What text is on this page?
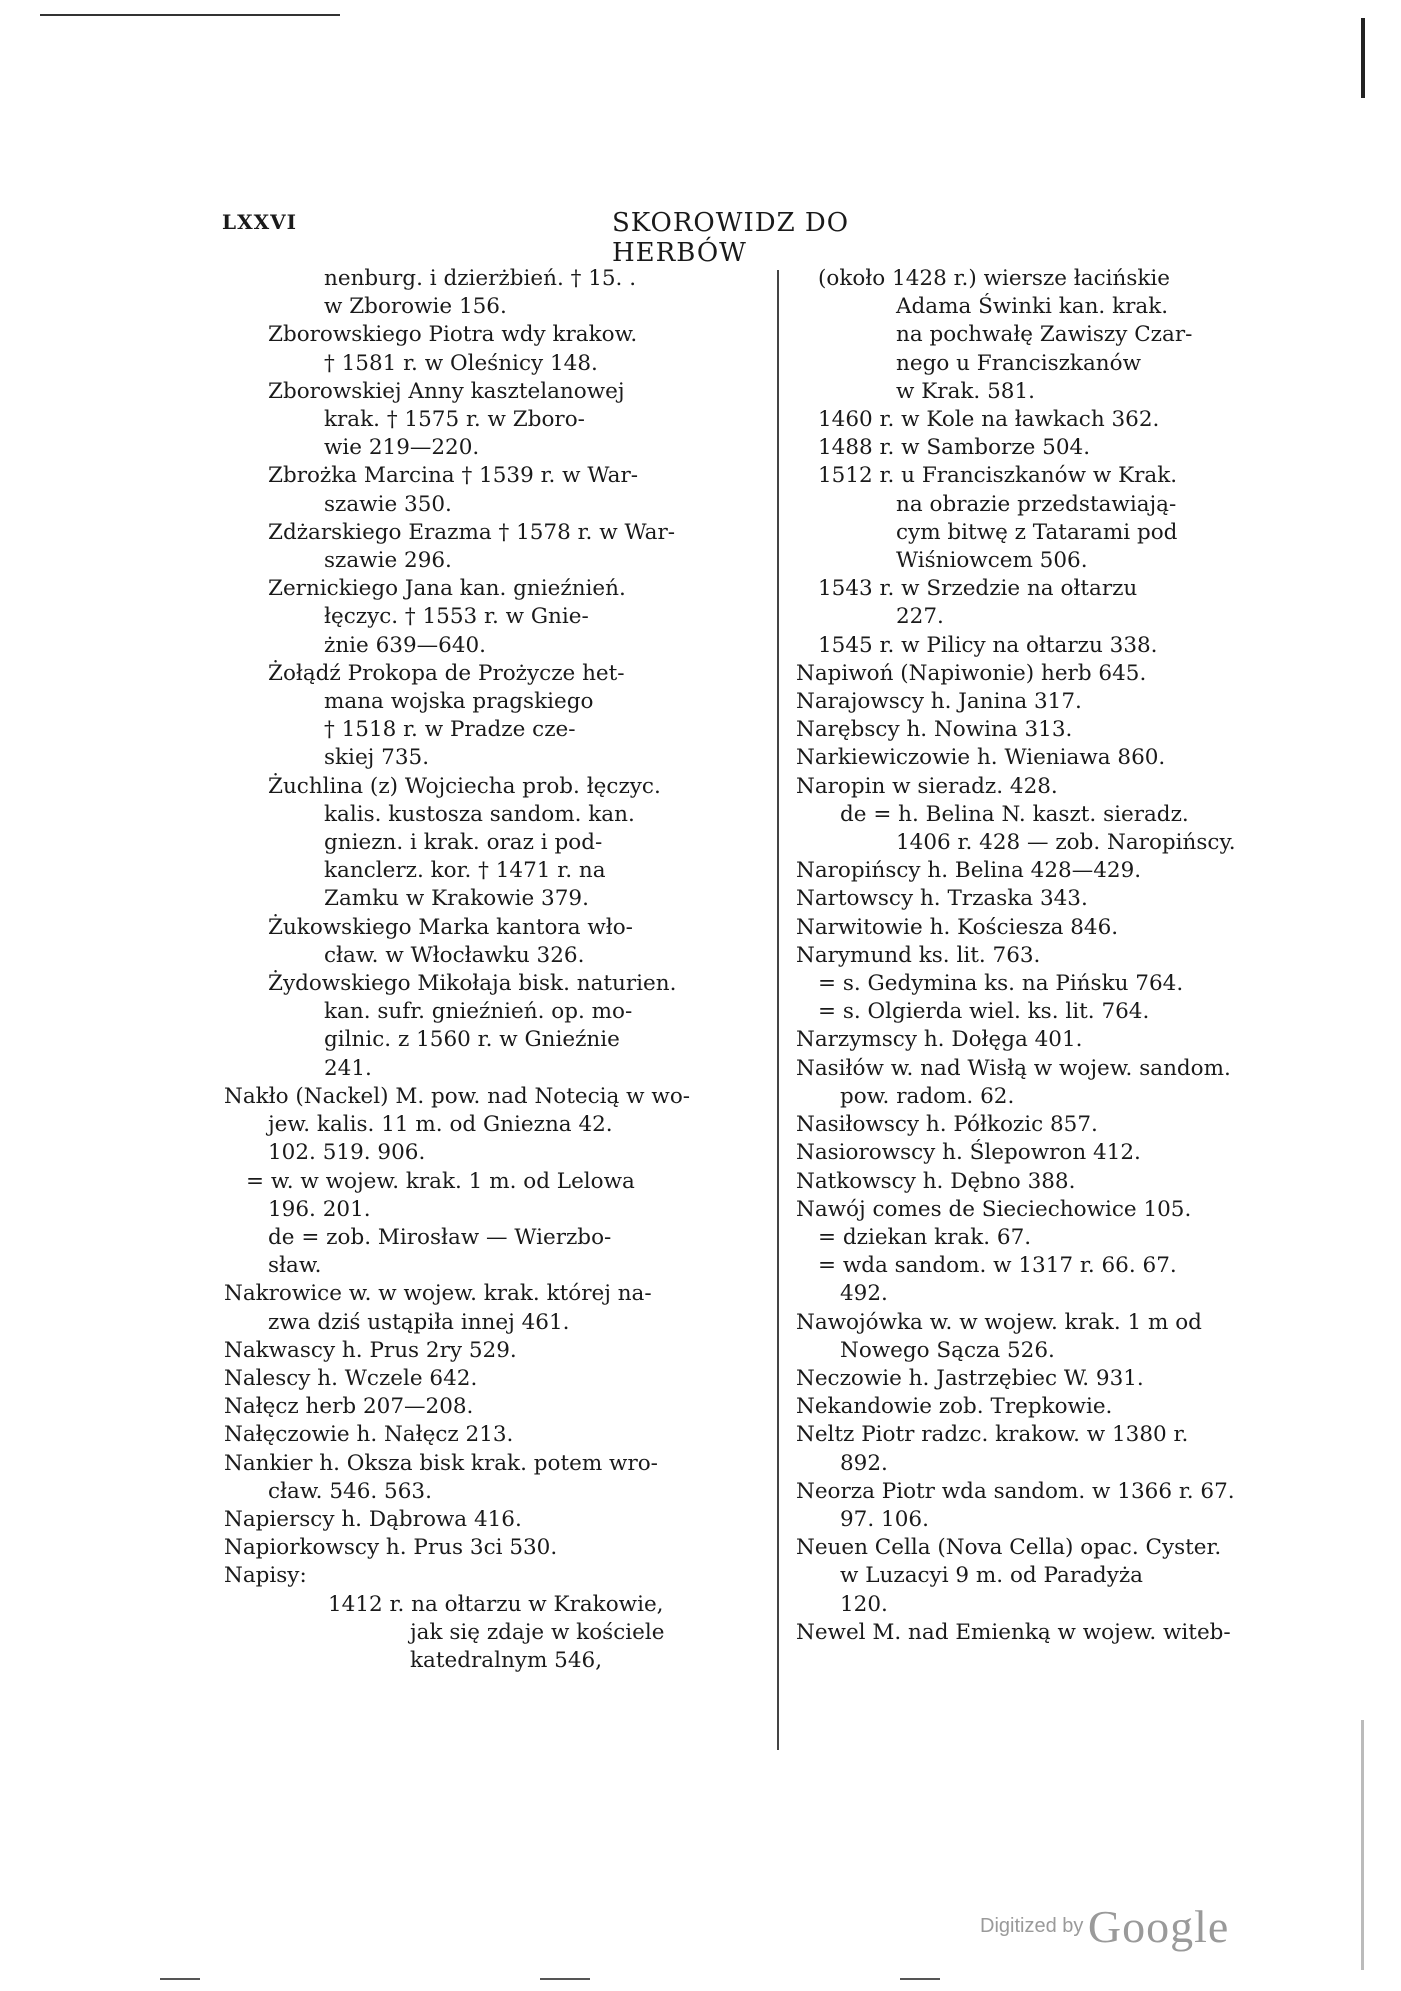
LXXVI	SKOROWIDZ DO HERBÓW
nenburg. i dzierżbień. † 15. .
w Zborowie 156.
Zborowskiego Piotra wdy krakow.
† 1581 r. w Oleśnicy 148.
Zborowskiej Anny kasztelanowej
krak. † 1575 r. w Zboro-
wie 219—220.
Zbrożka Marcina † 1539 r. w War-
szawie 350.
Zdżarskiego Erazma † 1578 r. w War-
szawie 296.
Zernickiego Jana kan. gnieźnień.
łęczyc. † 1553 r. w Gnie-
żnie 639—640.
Żołądź Prokopa de Prożycze het-
mana wojska pragskiego
† 1518 r. w Pradze cze-
skiej 735.
Żuchlina (z) Wojciecha prob. łęczyc.
kalis. kustosza sandom. kan.
gniezn. i krak. oraz i pod-
kanclerz. kor. † 1471 r. na
Zamku w Krakowie 379.
Żukowskiego Marka kantora wło-
cław. w Włocławku 326.
Żydowskiego Mikołaja bisk. naturien.
kan. sufr. gnieźnień. op. mo-
gilnic. z 1560 r. w Gnieźnie
241.
Nakło (Nackel) M. pow. nad Notecią w wo-
jew. kalis. 11 m. od Gniezna 42.
102. 519. 906.
= w. w wojew. krak. 1 m. od Lelowa
196. 201.
de = zob. Mirosław — Wierzbo-
sław.
Nakrowice w. w wojew. krak. której na-
zwa dziś ustąpiła innej 461.
Nakwascy h. Prus 2ry 529.
Nalescy h. Wczele 642.
Nałęcz herb 207—208.
Nałęczowie h. Nałęcz 213.
Nankier h. Oksza bisk krak. potem wro-
cław. 546. 563.
Napierscy h. Dąbrowa 416.
Napiorkowscy h. Prus 3ci 530.
Napisy:
1412 r. na ołtarzu w Krakowie,
jak się zdaje w kościele
katedralnym 546,
(około 1428 r.) wiersze łacińskie
Adama Świnki kan. krak.
na pochwałę Zawiszy Czar-
nego u Franciszkanów
w Krak. 581.
1460 r. w Kole na ławkach 362.
1488 r. w Samborze 504.
1512 r. u Franciszkanów w Krak.
na obrazie przedstawiają-
cym bitwę z Tatarami pod
Wiśniowcem 506.
1543 r. w Srzedzie na ołtarzu
227.
1545 r. w Pilicy na ołtarzu 338.
Napiwoń (Napiwonie) herb 645.
Narajowscy h. Janina 317.
Narębscy h. Nowina 313.
Narkiewiczowie h. Wieniawa 860.
Naropin w sieradz. 428.
de = h. Belina N. kaszt. sieradz.
1406 r. 428 — zob. Naropińscy.
Naropińscy h. Belina 428—429.
Nartowscy h. Trzaska 343.
Narwitowie h. Kościesza 846.
Narymund ks. lit. 763.
= s. Gedymina ks. na Pińsku 764.
= s. Olgierda wiel. ks. lit. 764.
Narzymscy h. Dołęga 401.
Nasiłów w. nad Wisłą w wojew. sandom.
pow. radom. 62.
Nasiłowscy h. Półkozic 857.
Nasiorowscy h. Ślepowron 412.
Natkowscy h. Dębno 388.
Nawój comes de Sieciechowice 105.
= dziekan krak. 67.
= wda sandom. w 1317 r. 66. 67.
492.
Nawojówka w. w wojew. krak. 1 m od
Nowego Sącza 526.
Neczowie h. Jastrzębiec W. 931.
Nekandowie zob. Trepkowie.
Neltz Piotr radzc. krakow. w 1380 r.
892.
Neorza Piotr wda sandom. w 1366 r. 67.
97. 106.
Neuen Cella (Nova Cella) opac. Cyster.
w Luzacyi 9 m. od Paradyża
120.
Newel M. nad Emienką w wojew. witeb-
Digitized by Google
